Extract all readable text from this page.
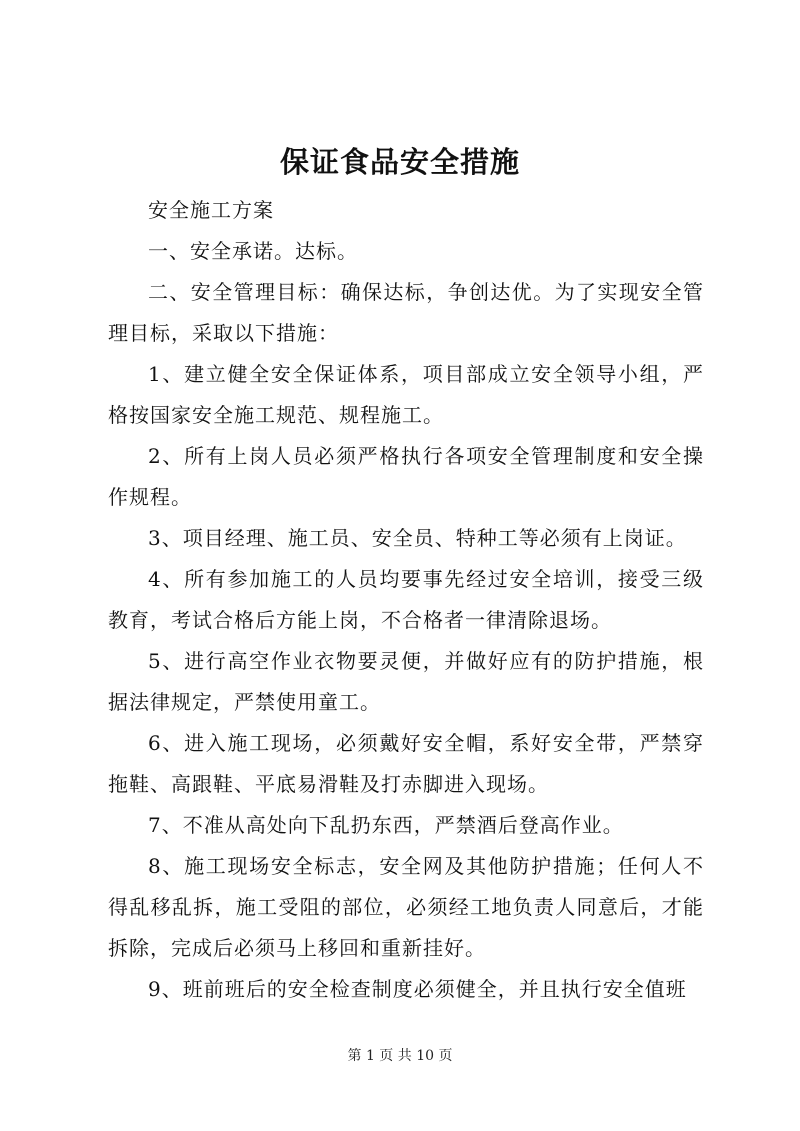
保证食品安全措施

安全施工方案

一、安全承诺。达标。

二、安全管理目标：确保达标，争创达优。为了实现安全管理目标，采取以下措施：

1、建立健全安全保证体系，项目部成立安全领导小组，严格按国家安全施工规范、规程施工。

2、所有上岗人员必须严格执行各项安全管理制度和安全操作规程。

3、项目经理、施工员、安全员、特种工等必须有上岗证。

4、所有参加施工的人员均要事先经过安全培训，接受三级教育，考试合格后方能上岗，不合格者一律清除退场。

5、进行高空作业衣物要灵便，并做好应有的防护措施，根据法律规定，严禁使用童工。

6、进入施工现场，必须戴好安全帽，系好安全带，严禁穿拖鞋、高跟鞋、平底易滑鞋及打赤脚进入现场。

7、不准从高处向下乱扔东西，严禁酒后登高作业。

8、施工现场安全标志，安全网及其他防护措施；任何人不得乱移乱拆，施工受阻的部位，必须经工地负责人同意后，才能拆除，完成后必须马上移回和重新挂好。

9、班前班后的安全检查制度必须健全，并且执行安全值班

第 1 页 共 10 页
